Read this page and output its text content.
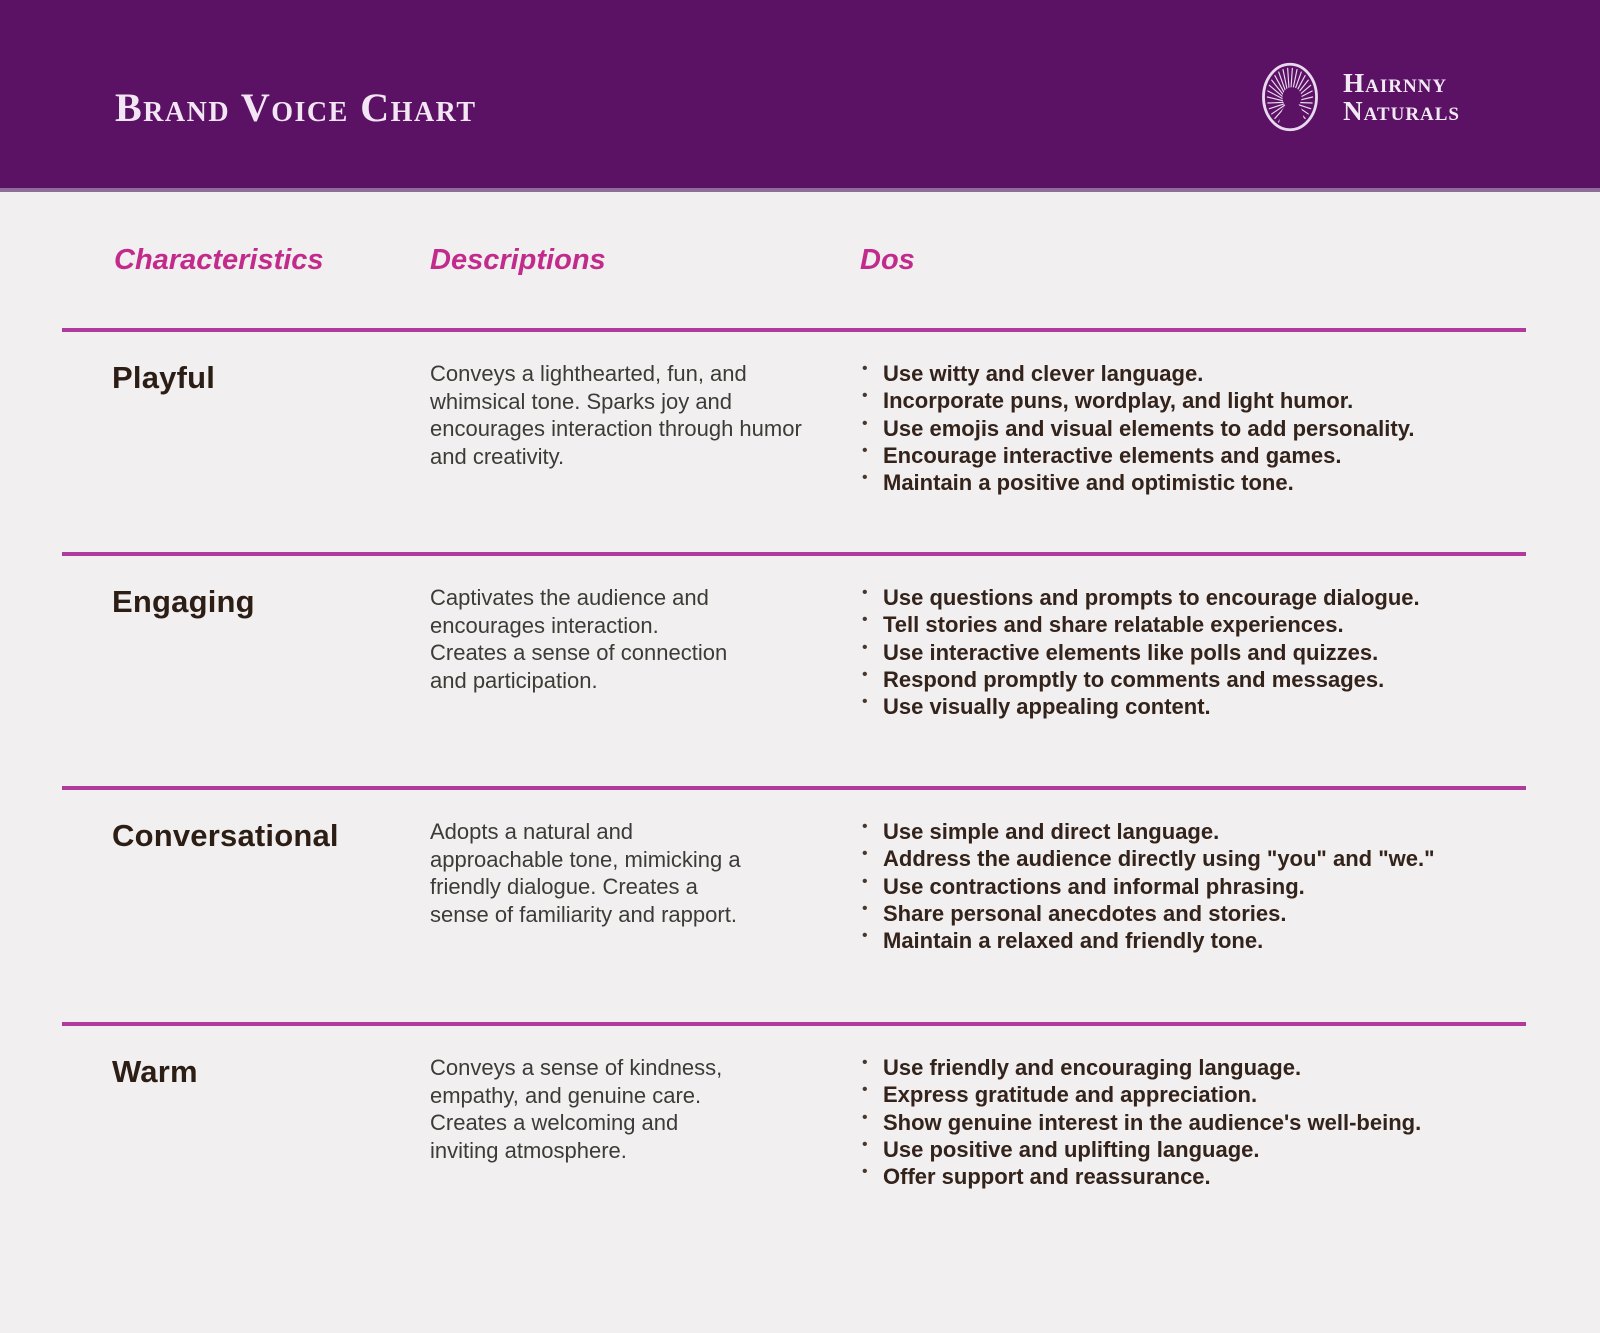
Brand Voice Chart
Hairnny
Naturals
Characteristics	Descriptions	Dos
Playful	Conveys a lighthearted, fun, and whimsical tone. Sparks joy and encourages interaction through humor and creativity.

• Use witty and clever language.
• Incorporate puns, wordplay, and light humor.
• Use emojis and visual elements to add personality.
• Encourage interactive elements and games.
• Maintain a positive and optimistic tone.
Engaging	Captivates the audience and encourages interaction. Creates a sense of connection and participation.

• Use questions and prompts to encourage dialogue.
• Tell stories and share relatable experiences.
• Use interactive elements like polls and quizzes.
• Respond promptly to comments and messages.
• Use visually appealing content.
Conversational	Adopts a natural and approachable tone, mimicking a friendly dialogue. Creates a sense of familiarity and rapport.

• Use simple and direct language.
• Address the audience directly using "you" and "we."
• Use contractions and informal phrasing.
• Share personal anecdotes and stories.
• Maintain a relaxed and friendly tone.
Warm	Conveys a sense of kindness, empathy, and genuine care. Creates a welcoming and inviting atmosphere.

• Use friendly and encouraging language.
• Express gratitude and appreciation.
• Show genuine interest in the audience's well-being.
• Use positive and uplifting language.
• Offer support and reassurance.
